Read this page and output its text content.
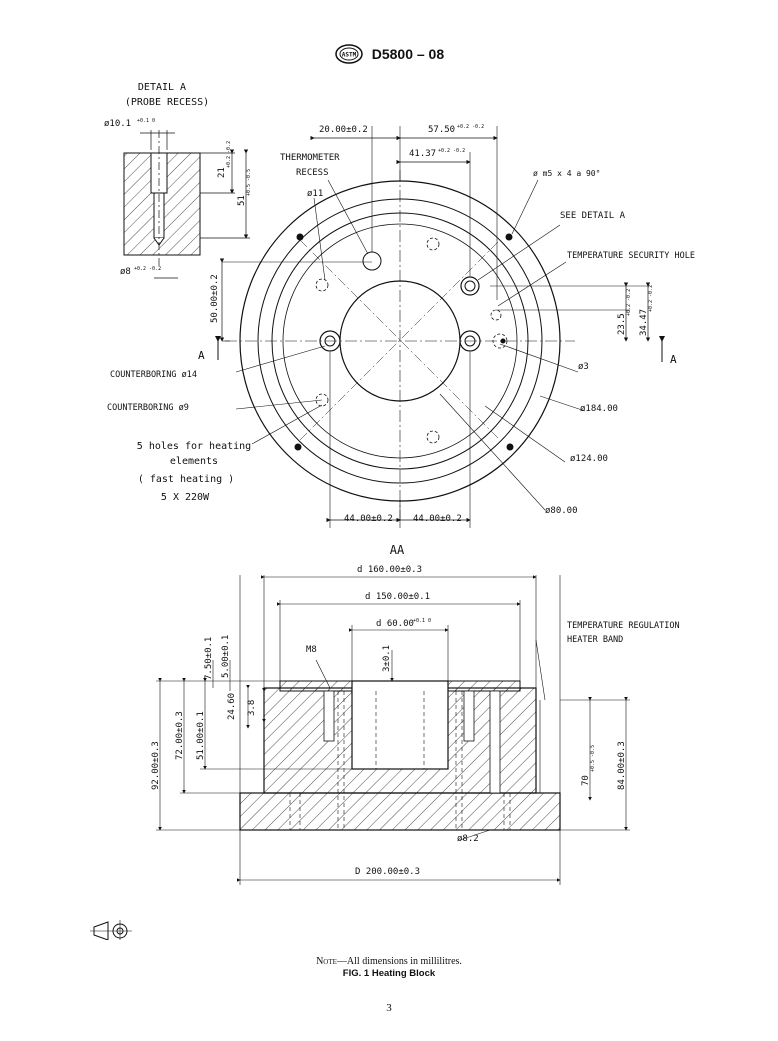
ASTM D5800 – 08
DETAIL A
(PROBE RECESS)
ø10.1 +0.1 0
21
+0.2 -0.2
51
+0.5 -0.5
ø8 +0.2 -0.2
20.00±0.2	57.50 +0.2 -0.2
41.37 +0.2 -0.2
THERMOMETER
RECESS
ø11
ø m5 x 4 a 90°
SEE DETAIL A
TEMPERATURE SECURITY HOLE
50.00±0.2
23.5
+0.2 -0.2
34.47
+0.2 -0.2
A	A
COUNTERBORING ø14
COUNTERBORING ø9
ø3
ø184.00
ø124.00
ø80.00
5 holes for heating
elements
( fast heating )
5 X 220W
44.00±0.2 44.00±0.2
AA
d 160.00±0.3
d 150.00±0.1
d 60.00 +0.1 0
M8	3±0.1
7.50±0.1 5.00±0.1
24.60 3.8
92.00±0.3
72.00±0.3 51.00±0.1
TEMPERATURE REGULATION
HEATER BAND
70
+0.5 -0.5 84.00±0.3
ø8.2
D 200.00±0.3
Note—All dimensions in millilitres.
FIG. 1 Heating Block
3
